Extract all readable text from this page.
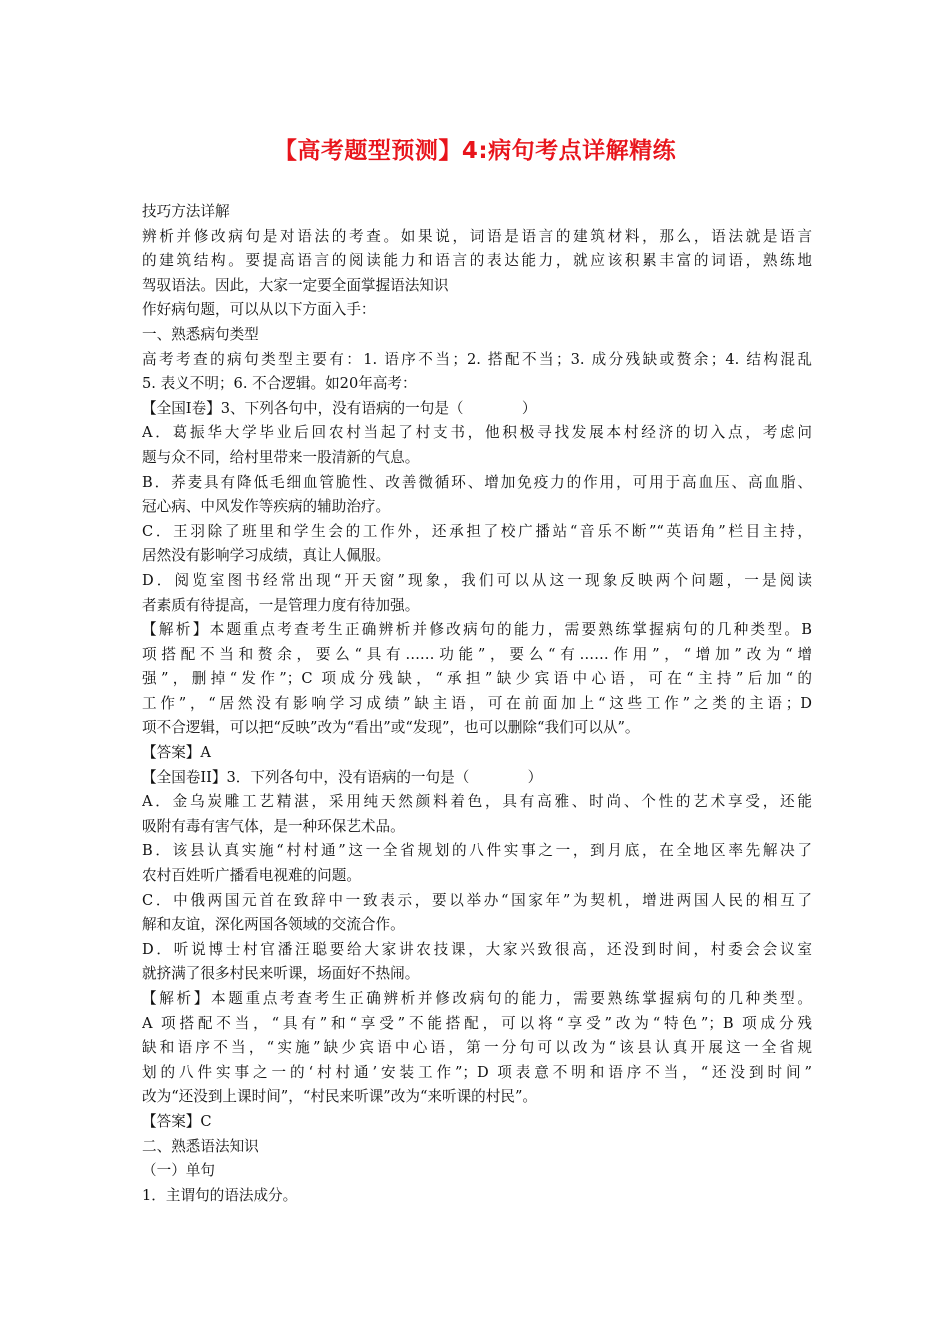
【高考题型预测】4:病句考点详解精练
技巧方法详解
辨析并修改病句是对语法的考查。如果说，词语是语言的建筑材料，那么，语法就是语言
的建筑结构。要提高语言的阅读能力和语言的表达能力，就应该积累丰富的词语，熟练地
驾驭语法。因此，大家一定要全面掌握语法知识
作好病句题，可以从以下方面入手：
一、熟悉病句类型
高考考查的病句类型主要有：1. 语序不当；2. 搭配不当；3. 成分残缺或赘余；4. 结构混乱
5. 表义不明；6. 不合逻辑。如20年高考：
【全国Ⅰ卷】3、下列各句中，没有语病的一句是（　　　　）
A．葛振华大学毕业后回农村当起了村支书，他积极寻找发展本村经济的切入点，考虑问
题与众不同，给村里带来一股清新的气息。
B．荞麦具有降低毛细血管脆性、改善微循环、增加免疫力的作用，可用于高血压、高血脂、
冠心病、中风发作等疾病的辅助治疗。
C．王羽除了班里和学生会的工作外，还承担了校广播站“音乐不断”“英语角”栏目主持，
居然没有影响学习成绩，真让人佩服。
D．阅览室图书经常出现“开天窗”现象，我们可以从这一现象反映两个问题，一是阅读
者素质有待提高，一是管理力度有待加强。
【解析】本题重点考查考生正确辨析并修改病句的能力，需要熟练掌握病句的几种类型。B
项搭配不当和赘余，要么“具有……功能”，要么“有……作用”，“增加”改为“增
强”，删掉“发作”；C 项成分残缺，“承担”缺少宾语中心语，可在“主持”后加“的
工作”，“居然没有影响学习成绩”缺主语，可在前面加上“这些工作”之类的主语；D
项不合逻辑，可以把“反映”改为“看出”或“发现”，也可以删除“我们可以从”。
【答案】A
【全国卷II】3．下列各句中，没有语病的一句是（　　　　）
A．金乌炭雕工艺精湛，采用纯天然颜料着色，具有高雅、时尚、个性的艺术享受，还能
吸附有毒有害气体，是一种环保艺术品。
B．该县认真实施“村村通”这一全省规划的八件实事之一，到月底，在全地区率先解决了
农村百姓听广播看电视难的问题。
C．中俄两国元首在致辞中一致表示，要以举办“国家年”为契机，增进两国人民的相互了
解和友谊，深化两国各领域的交流合作。
D．听说博士村官潘汪聪要给大家讲农技课，大家兴致很高，还没到时间，村委会会议室
就挤满了很多村民来听课，场面好不热闹。
【解析】本题重点考查考生正确辨析并修改病句的能力，需要熟练掌握病句的几种类型。
A 项搭配不当，“具有”和“享受”不能搭配，可以将“享受”改为“特色”；B 项成分残
缺和语序不当，“实施”缺少宾语中心语，第一分句可以改为“该县认真开展这一全省规
划的八件实事之一的‘村村通’安装工作”；D 项表意不明和语序不当，“还没到时间”
改为“还没到上课时间”，“村民来听课”改为“来听课的村民”。
【答案】C
二、熟悉语法知识
（一）单句
1．主谓句的语法成分。
